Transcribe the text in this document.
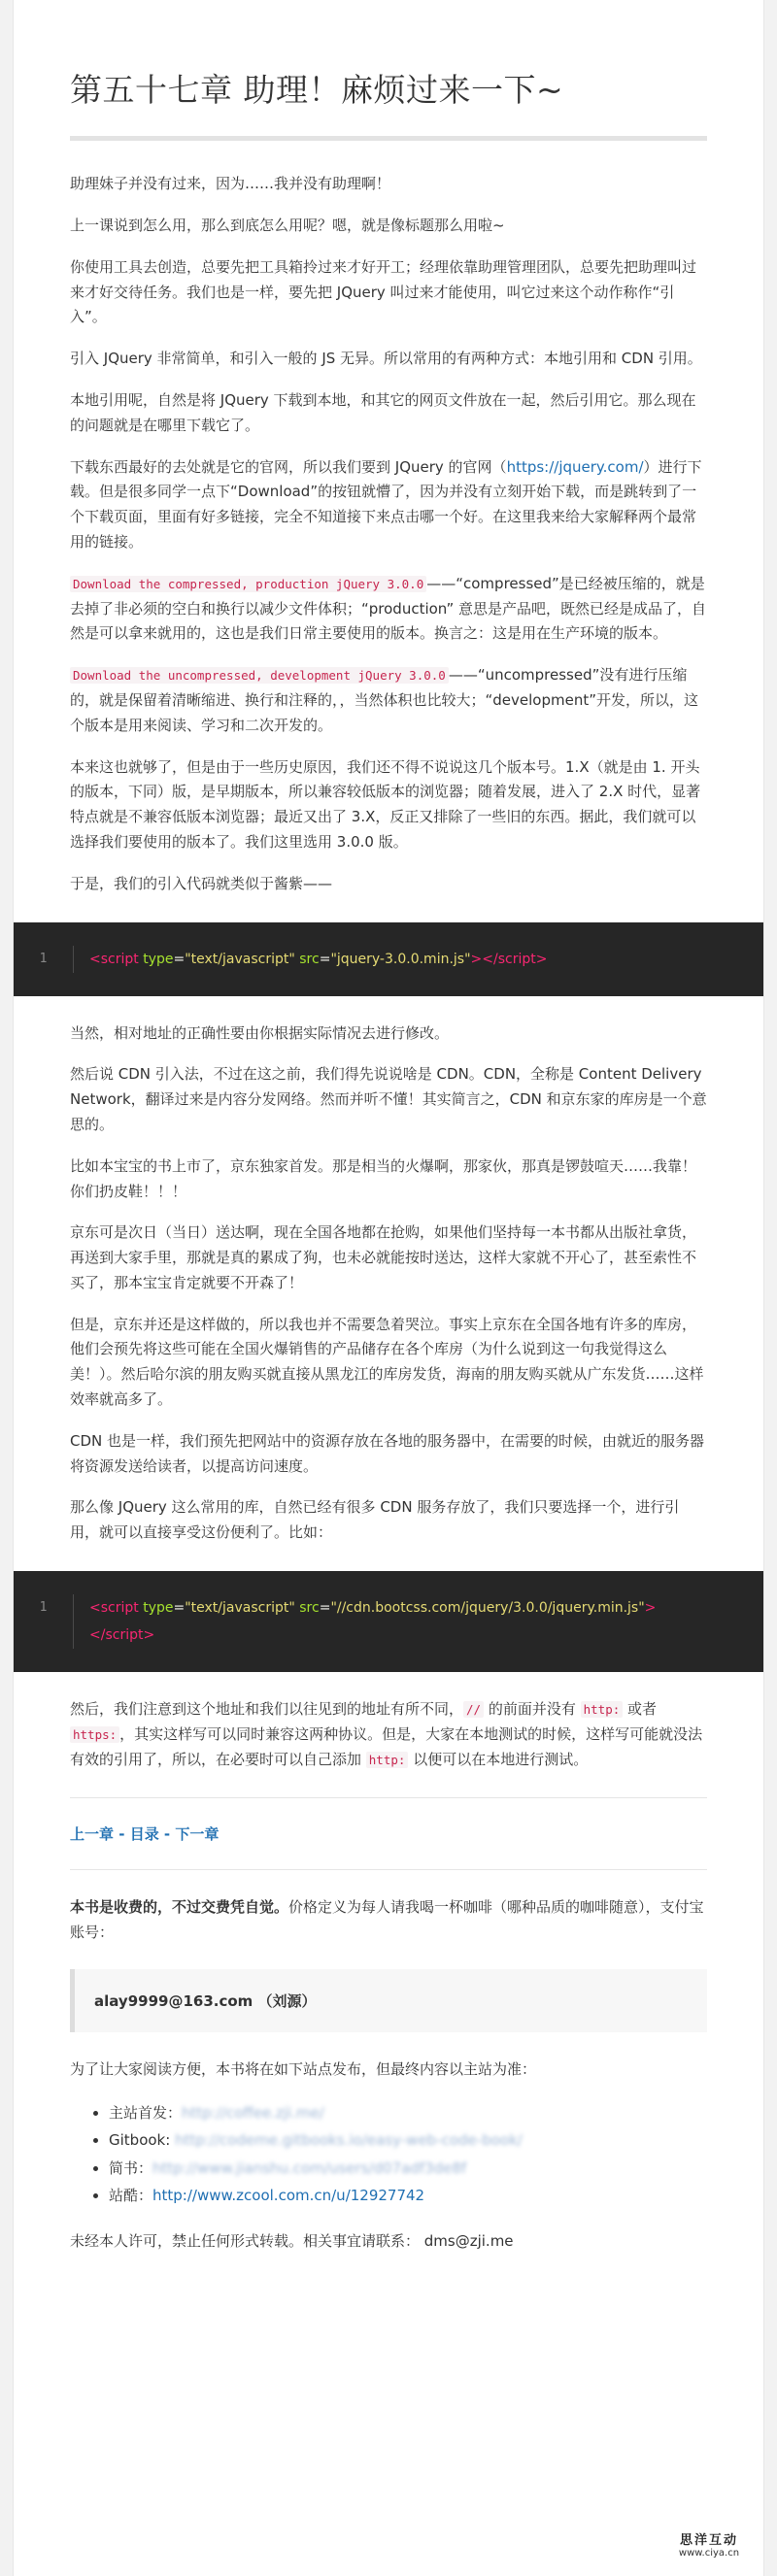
第五十七章 助理！麻烦过来一下~

助理妹子并没有过来，因为……我并没有助理啊！

上一课说到怎么用，那么到底怎么用呢？嗯，就是像标题那么用啦~

你使用工具去创造，总要先把工具箱拎过来才好开工；经理依靠助理管理团队，总要先把助理叫过来才好交待任务。我们也是一样，要先把 JQuery 叫过来才能使用，叫它过来这个动作称作“引入”。

引入 JQuery 非常简单，和引入一般的 JS 无异。所以常用的有两种方式：本地引用和 CDN 引用。

本地引用呢，自然是将 JQuery 下载到本地，和其它的网页文件放在一起，然后引用它。那么现在的问题就是在哪里下载它了。

下载东西最好的去处就是它的官网，所以我们要到 JQuery 的官网（https://jquery.com/）进行下载。但是很多同学一点下“Download”的按钮就懵了，因为并没有立刻开始下载，而是跳转到了一个下载页面，里面有好多链接，完全不知道接下来点击哪一个好。在这里我来给大家解释两个最常用的链接。

Download the compressed, production jQuery 3.0.0 ——“compressed”是已经被压缩的，就是去掉了非必须的空白和换行以减少文件体积；“production” 意思是产品吧，既然已经是成品了，自然是可以拿来就用的，这也是我们日常主要使用的版本。换言之：这是用在生产环境的版本。

Download the uncompressed, development jQuery 3.0.0 ——“uncompressed”没有进行压缩的，就是保留着清晰缩进、换行和注释的，，当然体积也比较大；“development”开发，所以，这个版本是用来阅读、学习和二次开发的。

本来这也就够了，但是由于一些历史原因，我们还不得不说说这几个版本号。1.X（就是由 1. 开头的版本，下同）版，是早期版本，所以兼容较低版本的浏览器；随着发展，进入了 2.X 时代，显著特点就是不兼容低版本浏览器；最近又出了 3.X，反正又排除了一些旧的东西。据此，我们就可以选择我们要使用的版本了。我们这里选用 3.0.0 版。

于是，我们的引入代码就类似于酱紫——

1	<script type="text/javascript" src="jquery-3.0.0.min.js"></script>

当然，相对地址的正确性要由你根据实际情况去进行修改。

然后说 CDN 引入法，不过在这之前，我们得先说说啥是 CDN。CDN，全称是 Content Delivery Network，翻译过来是内容分发网络。然而并听不懂！其实简言之，CDN 和京东家的库房是一个意思的。

比如本宝宝的书上市了，京东独家首发。那是相当的火爆啊，那家伙，那真是锣鼓喧天……我靠！你们扔皮鞋！！！

京东可是次日（当日）送达啊，现在全国各地都在抢购，如果他们坚持每一本书都从出版社拿货，再送到大家手里，那就是真的累成了狗，也未必就能按时送达，这样大家就不开心了，甚至索性不买了，那本宝宝肯定就要不开森了！

但是，京东并还是这样做的，所以我也并不需要急着哭泣。事实上京东在全国各地有许多的库房，他们会预先将这些可能在全国火爆销售的产品储存在各个库房（为什么说到这一句我觉得这么美！）。然后哈尔滨的朋友购买就直接从黑龙江的库房发货，海南的朋友购买就从广东发货……这样效率就高多了。

CDN 也是一样，我们预先把网站中的资源存放在各地的服务器中，在需要的时候，由就近的服务器将资源发送给读者，以提高访问速度。

那么像 JQuery 这么常用的库，自然已经有很多 CDN 服务存放了，我们只要选择一个，进行引用，就可以直接享受这份便利了。比如：

1	<script type="text/javascript" src="//cdn.bootcss.com/jquery/3.0.0/jquery.min.js">
</script>

然后，我们注意到这个地址和我们以往见到的地址有所不同， // 的前面并没有 http: 或者 https: ，其实这样写可以同时兼容这两种协议。但是，大家在本地测试的时候，这样写可能就没法有效的引用了，所以，在必要时可以自己添加 http: 以便可以在本地进行测试。

上一章 - 目录 - 下一章

本书是收费的，不过交费凭自觉。价格定义为每人请我喝一杯咖啡（哪种品质的咖啡随意），支付宝账号：

alay9999@163.com （刘源）

为了让大家阅读方便，本书将在如下站点发布，但最终内容以主站为准：

• 主站首发：http://coffee.zji.me/
• Gitbook: http://codeme.gitbooks.io/easy-web-code-book/
• 简书：http://www.jianshu.com/users/d07adf3de8f
• 站酷：http://www.zcool.com.cn/u/12927742

未经本人许可，禁止任何形式转载。相关事宜请联系： dms@zji.me

思洋互动
www.ciya.cn
